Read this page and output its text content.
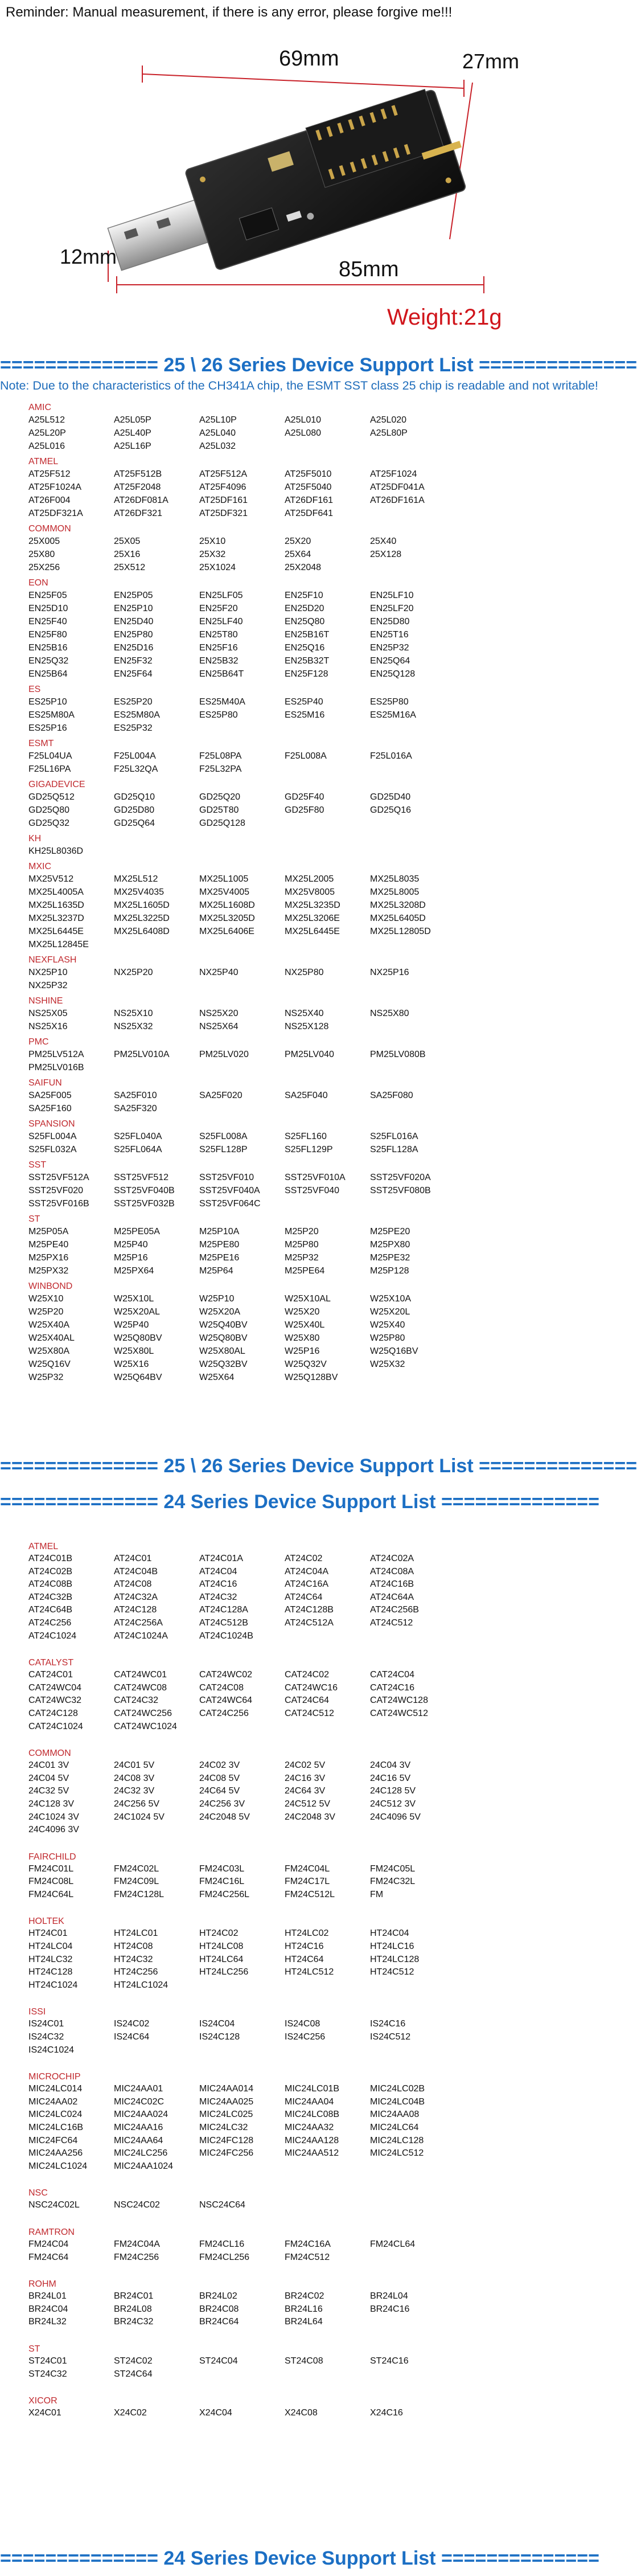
Reminder: Manual measurement, if there is any error, please forgive me!!!
69mm	27mm
12mm
85mm
Weight:21g
============== 25 \ 26 Series Device Support List ==============
Note: Due to the characteristics of the CH341A chip, the ESMT SST class 25 chip is readable and not writable!
AMIC
A25L512	A25L05P	A25L10P	A25L010	A25L020
A25L20P	A25L40P	A25L040	A25L080	A25L80P
A25L016	A25L16P	A25L032
ATMEL
AT25F512	AT25F512B	AT25F512A	AT25F5010	AT25F1024
AT25F1024A	AT25F2048	AT25F4096	AT25F5040	AT25DF041A
AT26F004	AT26DF081A	AT25DF161	AT26DF161	AT26DF161A
AT25DF321A	AT26DF321	AT25DF321	AT25DF641
COMMON
25X005	25X05	25X10	25X20	25X40
25X80	25X16	25X32	25X64	25X128
25X256	25X512	25X1024	25X2048
EON
EN25F05	EN25P05	EN25LF05	EN25F10	EN25LF10
EN25D10	EN25P10	EN25F20	EN25D20	EN25LF20
EN25F40	EN25D40	EN25LF40	EN25Q80	EN25D80
EN25F80	EN25P80	EN25T80	EN25B16T	EN25T16
EN25B16	EN25D16	EN25F16	EN25Q16	EN25P32
EN25Q32	EN25F32	EN25B32	EN25B32T	EN25Q64
EN25B64	EN25F64	EN25B64T	EN25F128	EN25Q128
ES
ES25P10	ES25P20	ES25M40A	ES25P40	ES25P80
ES25M80A	ES25M80A	ES25P80	ES25M16	ES25M16A
ES25P16	ES25P32
ESMT
F25L04UA	F25L004A	F25L08PA	F25L008A	F25L016A
F25L16PA	F25L32QA	F25L32PA
GIGADEVICE
GD25Q512	GD25Q10	GD25Q20	GD25F40	GD25D40
GD25Q80	GD25D80	GD25T80	GD25F80	GD25Q16
GD25Q32	GD25Q64	GD25Q128
KH
KH25L8036D
MXIC
MX25V512	MX25L512	MX25L1005	MX25L2005	MX25L8035
MX25L4005A	MX25V4035	MX25V4005	MX25V8005	MX25L8005
MX25L1635D	MX25L1605D	MX25L1608D	MX25L3235D	MX25L3208D
MX25L3237D	MX25L3225D	MX25L3205D	MX25L3206E	MX25L6405D
MX25L6445E	MX25L6408D	MX25L6406E	MX25L6445E	MX25L12805D
MX25L12845E
NEXFLASH
NX25P10	NX25P20	NX25P40	NX25P80	NX25P16
NX25P32
NSHINE
NS25X05	NS25X10	NS25X20	NS25X40	NS25X80
NS25X16	NS25X32	NS25X64	NS25X128
PMC
PM25LV512A	PM25LV010A	PM25LV020	PM25LV040	PM25LV080B
PM25LV016B
SAIFUN
SA25F005	SA25F010	SA25F020	SA25F040	SA25F080
SA25F160	SA25F320
SPANSION
S25FL004A	S25FL040A	S25FL008A	S25FL160	S25FL016A
S25FL032A	S25FL064A	S25FL128P	S25FL129P	S25FL128A
SST
SST25VF512A	SST25VF512	SST25VF010	SST25VF010A	SST25VF020A
SST25VF020	SST25VF040B	SST25VF040A	SST25VF040	SST25VF080B
SST25VF016B	SST25VF032B	SST25VF064C
ST
M25P05A	M25PE05A	M25P10A	M25P20	M25PE20
M25PE40	M25P40	M25PE80	M25P80	M25PX80
M25PX16	M25P16	M25PE16	M25P32	M25PE32
M25PX32	M25PX64	M25P64	M25PE64	M25P128
WINBOND
W25X10	W25X10L	W25P10	W25X10AL	W25X10A
W25P20	W25X20AL	W25X20A	W25X20	W25X20L
W25X40A	W25P40	W25Q40BV	W25X40L	W25X40
W25X40AL	W25Q80BV	W25Q80BV	W25X80	W25P80
W25X80A	W25X80L	W25X80AL	W25P16	W25Q16BV
W25Q16V	W25X16	W25Q32BV	W25Q32V	W25X32
W25P32	W25Q64BV	W25X64	W25Q128BV
============== 25 \ 26 Series Device Support List ==============
============== 24 Series Device Support List ==============
ATMEL
AT24C01B	AT24C01	AT24C01A	AT24C02	AT24C02A
AT24C02B	AT24C04B	AT24C04	AT24C04A	AT24C08A
AT24C08B	AT24C08	AT24C16	AT24C16A	AT24C16B
AT24C32B	AT24C32A	AT24C32	AT24C64	AT24C64A
AT24C64B	AT24C128	AT24C128A	AT24C128B	AT24C256B
AT24C256	AT24C256A	AT24C512B	AT24C512A	AT24C512
AT24C1024	AT24C1024A	AT24C1024B
CATALYST
CAT24C01	CAT24WC01	CAT24WC02	CAT24C02	CAT24C04
CAT24WC04	CAT24WC08	CAT24C08	CAT24WC16	CAT24C16
CAT24WC32	CAT24C32	CAT24WC64	CAT24C64	CAT24WC128
CAT24C128	CAT24WC256	CAT24C256	CAT24C512	CAT24WC512
CAT24C1024	CAT24WC1024
COMMON
24C01 3V	24C01 5V	24C02 3V	24C02 5V	24C04 3V
24C04 5V	24C08 3V	24C08 5V	24C16 3V	24C16 5V
24C32 5V	24C32 3V	24C64 5V	24C64 3V	24C128 5V
24C128 3V	24C256 5V	24C256 3V	24C512 5V	24C512 3V
24C1024 3V	24C1024 5V	24C2048 5V	24C2048 3V	24C4096 5V
24C4096 3V
FAIRCHILD
FM24C01L	FM24C02L	FM24C03L	FM24C04L	FM24C05L
FM24C08L	FM24C09L	FM24C16L	FM24C17L	FM24C32L
FM24C64L	FM24C128L	FM24C256L	FM24C512L	FM
HOLTEK
HT24C01	HT24LC01	HT24C02	HT24LC02	HT24C04
HT24LC04	HT24C08	HT24LC08	HT24C16	HT24LC16
HT24LC32	HT24C32	HT24LC64	HT24C64	HT24LC128
HT24C128	HT24C256	HT24LC256	HT24LC512	HT24C512
HT24C1024	HT24LC1024
ISSI
IS24C01	IS24C02	IS24C04	IS24C08	IS24C16
IS24C32	IS24C64	IS24C128	IS24C256	IS24C512
IS24C1024
MICROCHIP
MIC24LC014	MIC24AA01	MIC24AA014	MIC24LC01B	MIC24LC02B
MIC24AA02	MIC24C02C	MIC24AA025	MIC24AA04	MIC24LC04B
MIC24LC024	MIC24AA024	MIC24LC025	MIC24LC08B	MIC24AA08
MIC24LC16B	MIC24AA16	MIC24LC32	MIC24AA32	MIC24LC64
MIC24FC64	MIC24AA64	MIC24FC128	MIC24AA128	MIC24LC128
MIC24AA256	MIC24LC256	MIC24FC256	MIC24AA512	MIC24LC512
MIC24LC1024	MIC24AA1024
NSC
NSC24C02L	NSC24C02	NSC24C64
RAMTRON
FM24C04	FM24C04A	FM24CL16	FM24C16A	FM24CL64
FM24C64	FM24C256	FM24CL256	FM24C512
ROHM
BR24L01	BR24C01	BR24L02	BR24C02	BR24L04
BR24C04	BR24L08	BR24C08	BR24L16	BR24C16
BR24L32	BR24C32	BR24C64	BR24L64
ST
ST24C01	ST24C02	ST24C04	ST24C08	ST24C16
ST24C32	ST24C64
XICOR
X24C01	X24C02	X24C04	X24C08	X24C16
============== 24 Series Device Support List ==============
